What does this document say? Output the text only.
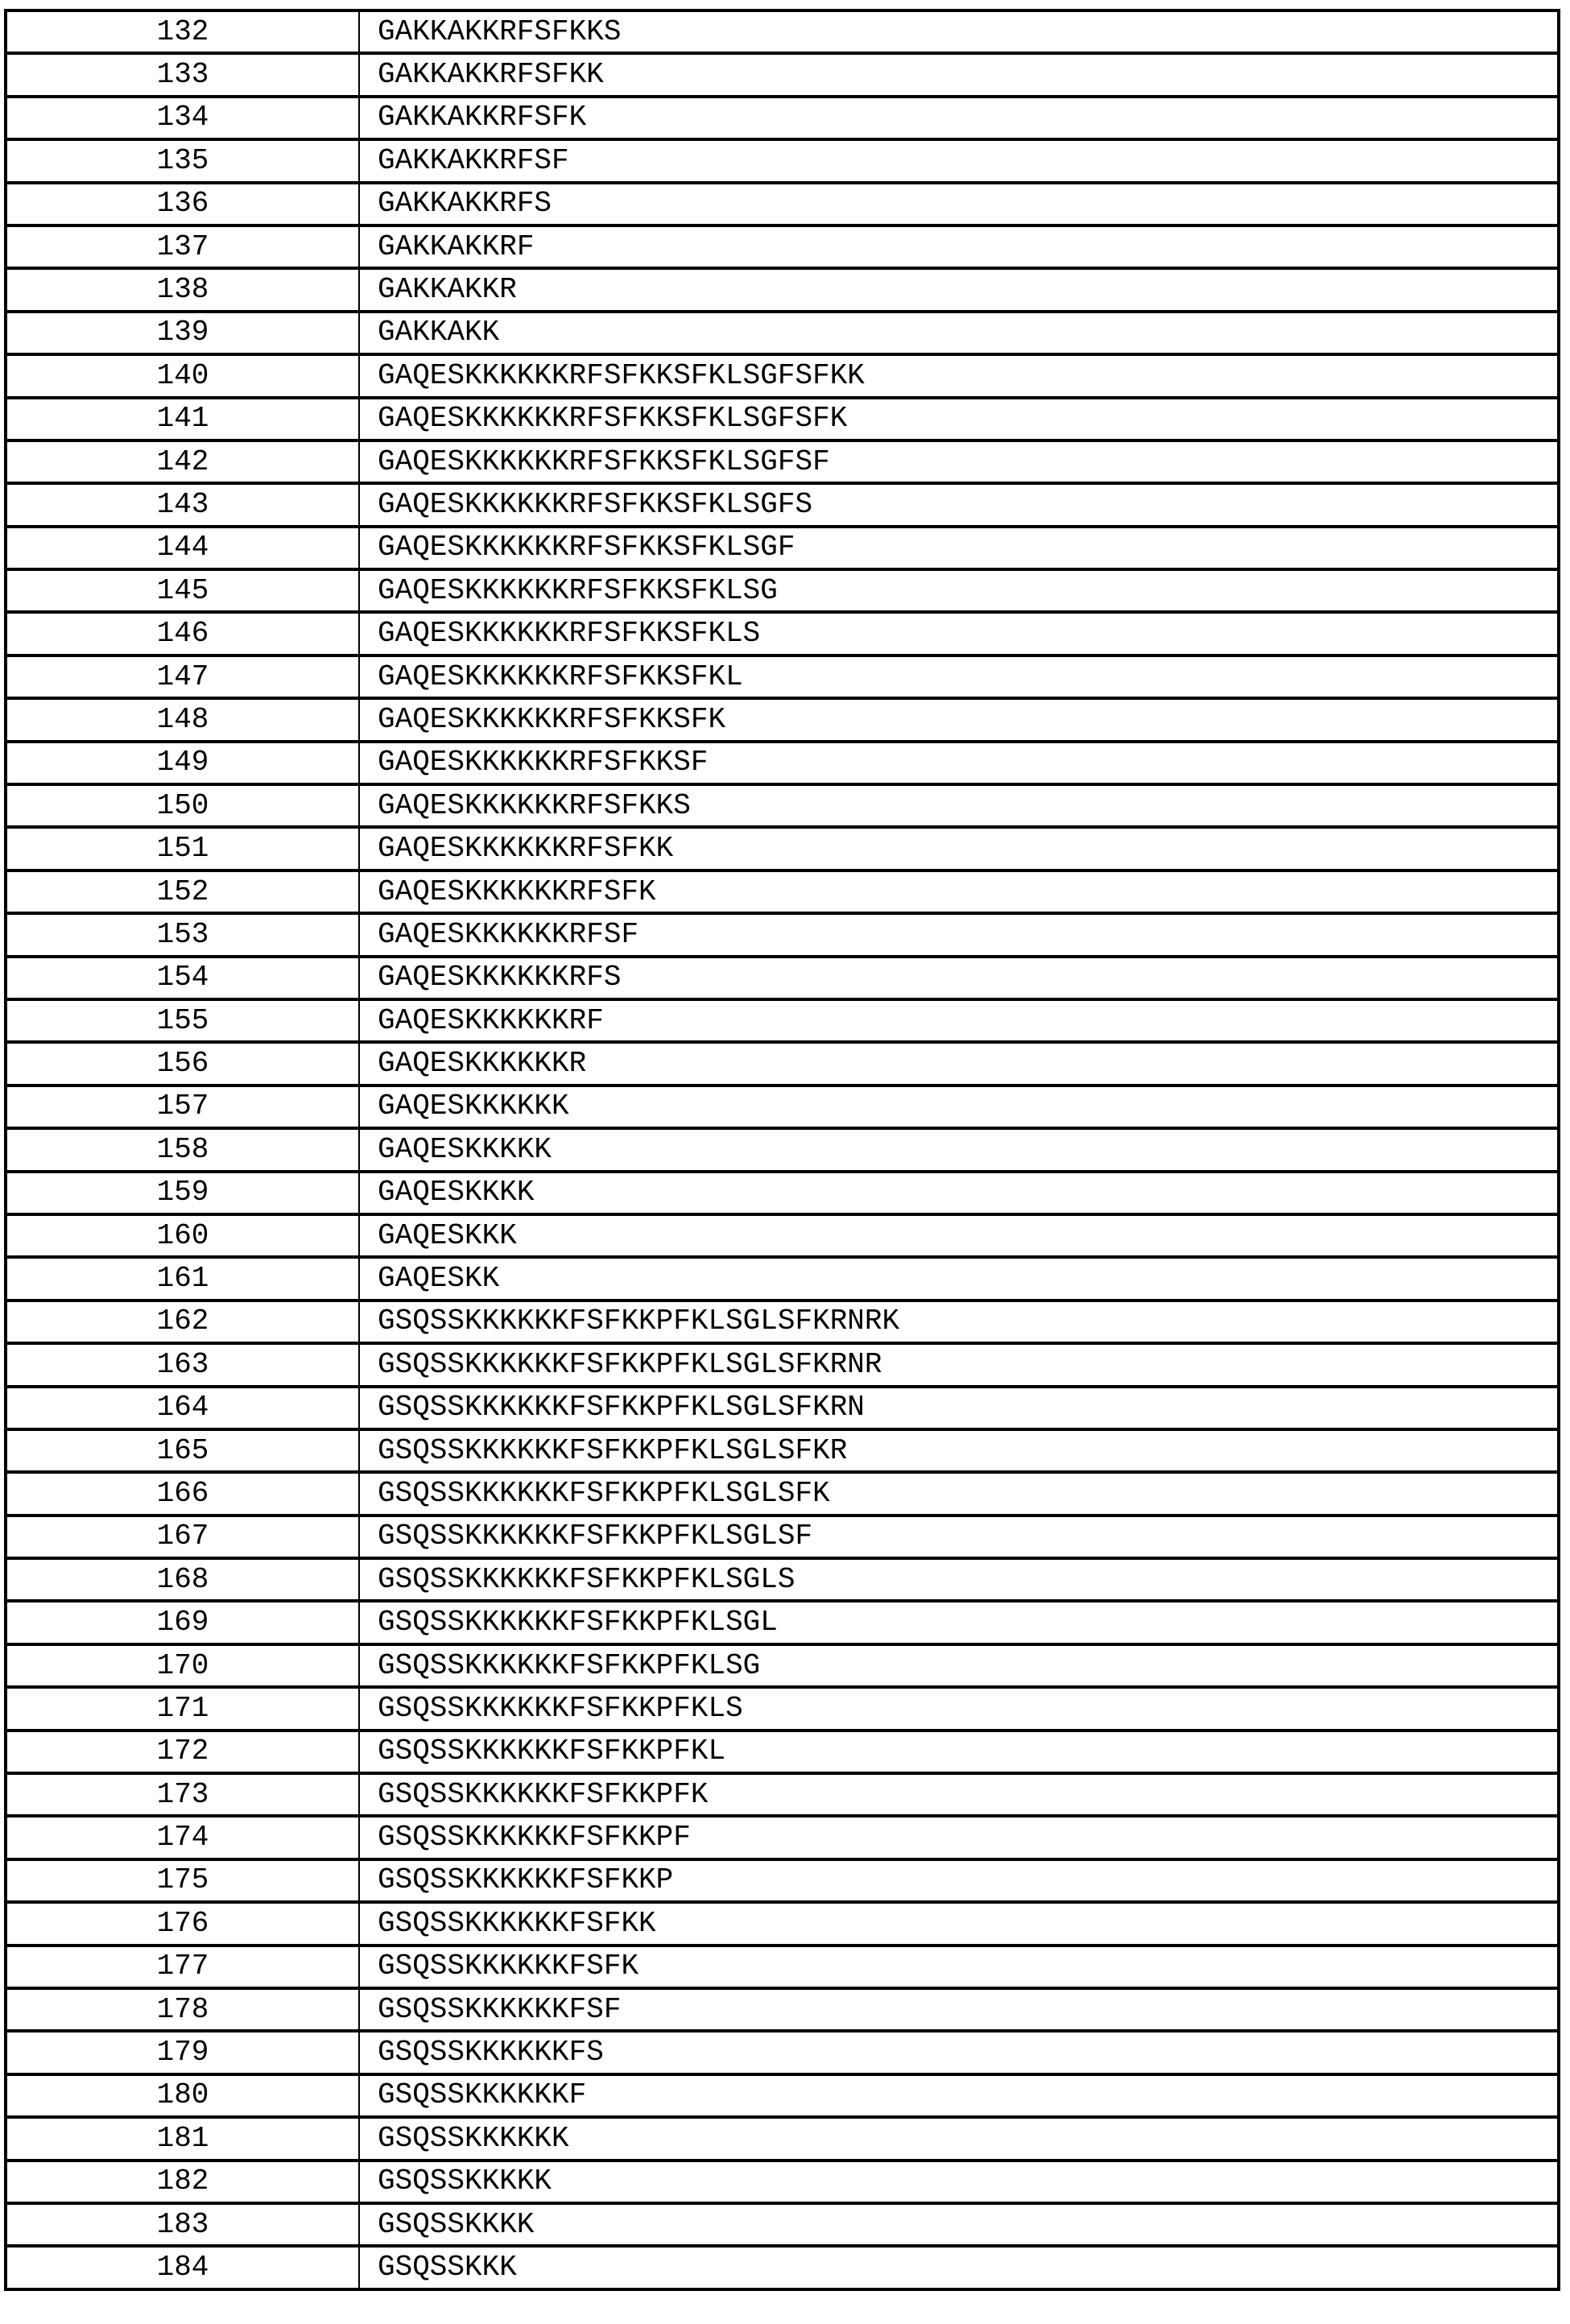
132	GAKKAKKRFSFKKS
133	GAKKAKKRFSFKK
134	GAKKAKKRFSFK
135	GAKKAKKRFSF
136	GAKKAKKRFS
137	GAKKAKKRF
138	GAKKAKKR
139	GAKKAKK
140	GAQESKKKKKKRFSFKKSFKLSGFSFKK
141	GAQESKKKKKKRFSFKKSFKLSGFSFK
142	GAQESKKKKKKRFSFKKSFKLSGFSF
143	GAQESKKKKKKRFSFKKSFKLSGFS
144	GAQESKKKKKKRFSFKKSFKLSGF
145	GAQESKKKKKKRFSFKKSFKLSG
146	GAQESKKKKKKRFSFKKSFKLS
147	GAQESKKKKKKRFSFKKSFKL
148	GAQESKKKKKKRFSFKKSFK
149	GAQESKKKKKKRFSFKKSF
150	GAQESKKKKKKRFSFKKS
151	GAQESKKKKKKRFSFKK
152	GAQESKKKKKKRFSFK
153	GAQESKKKKKKRFSF
154	GAQESKKKKKKRFS
155	GAQESKKKKKKRF
156	GAQESKKKKKKR
157	GAQESKKKKKK
158	GAQESKKKKK
159	GAQESKKKK
160	GAQESKKK
161	GAQESKK
162	GSQSSKKKKKKFSFKKPFKLSGLSFKRNRK
163	GSQSSKKKKKKFSFKKPFKLSGLSFKRNR
164	GSQSSKKKKKKFSFKKPFKLSGLSFKRN
165	GSQSSKKKKKKFSFKKPFKLSGLSFKR
166	GSQSSKKKKKKFSFKKPFKLSGLSFK
167	GSQSSKKKKKKFSFKKPFKLSGLSF
168	GSQSSKKKKKKFSFKKPFKLSGLS
169	GSQSSKKKKKKFSFKKPFKLSGL
170	GSQSSKKKKKKFSFKKPFKLSG
171	GSQSSKKKKKKFSFKKPFKLS
172	GSQSSKKKKKKFSFKKPFKL
173	GSQSSKKKKKKFSFKKPFK
174	GSQSSKKKKKKFSFKKPF
175	GSQSSKKKKKKFSFKKP
176	GSQSSKKKKKKFSFKK
177	GSQSSKKKKKKFSFK
178	GSQSSKKKKKKFSF
179	GSQSSKKKKKKFS
180	GSQSSKKKKKKF
181	GSQSSKKKKKK
182	GSQSSKKKKK
183	GSQSSKKKK
184	GSQSSKKK
